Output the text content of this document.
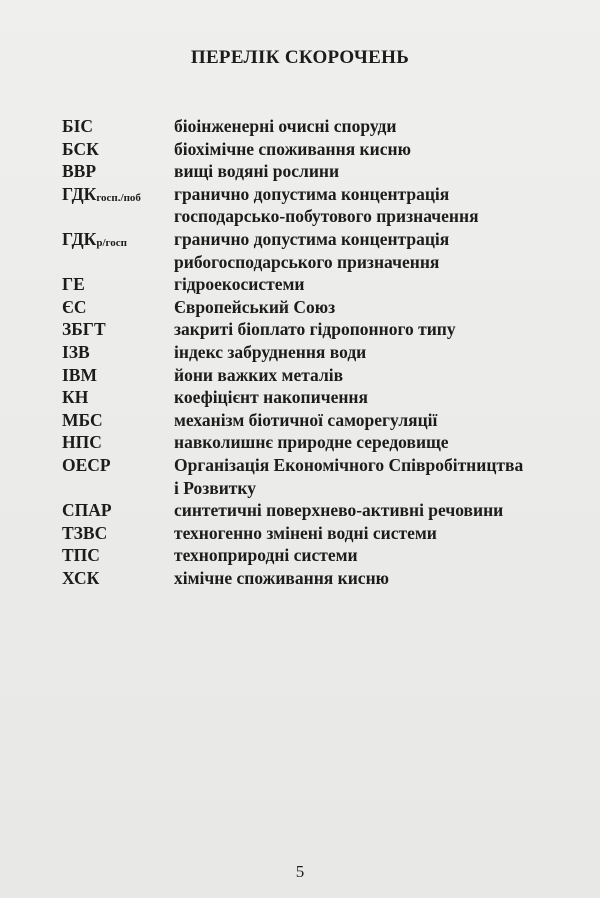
ПЕРЕЛІК СКОРОЧЕНЬ
БІС	біоінженерні очисні споруди
БСК	біохімічне споживання кисню
ВВР	вищі водяні рослини
$ГДК_{госп./поб}$	гранично допустима концентрація
господарсько-побутового призначення
$ГДК_{р/госп}$	гранично допустима концентрація
рибогосподарського призначення
ГЕ	гідроекосистеми
ЄС	Європейський Союз
ЗБГТ	закриті біоплато гідропонного типу
ІЗВ	індекс забруднення води
ІВМ	йони важких металів
КН	коефіцієнт накопичення
МБС	механізм біотичної саморегуляції
НПС	навколишнє природне середовище
ОЕСР	Організація Економічного Співробітництва
і Розвитку
СПАР	синтетичні поверхнево-активні речовини
ТЗВС	техногенно змінені водні системи
ТПС	техноприродні системи
ХСК	хімічне споживання кисню
5
